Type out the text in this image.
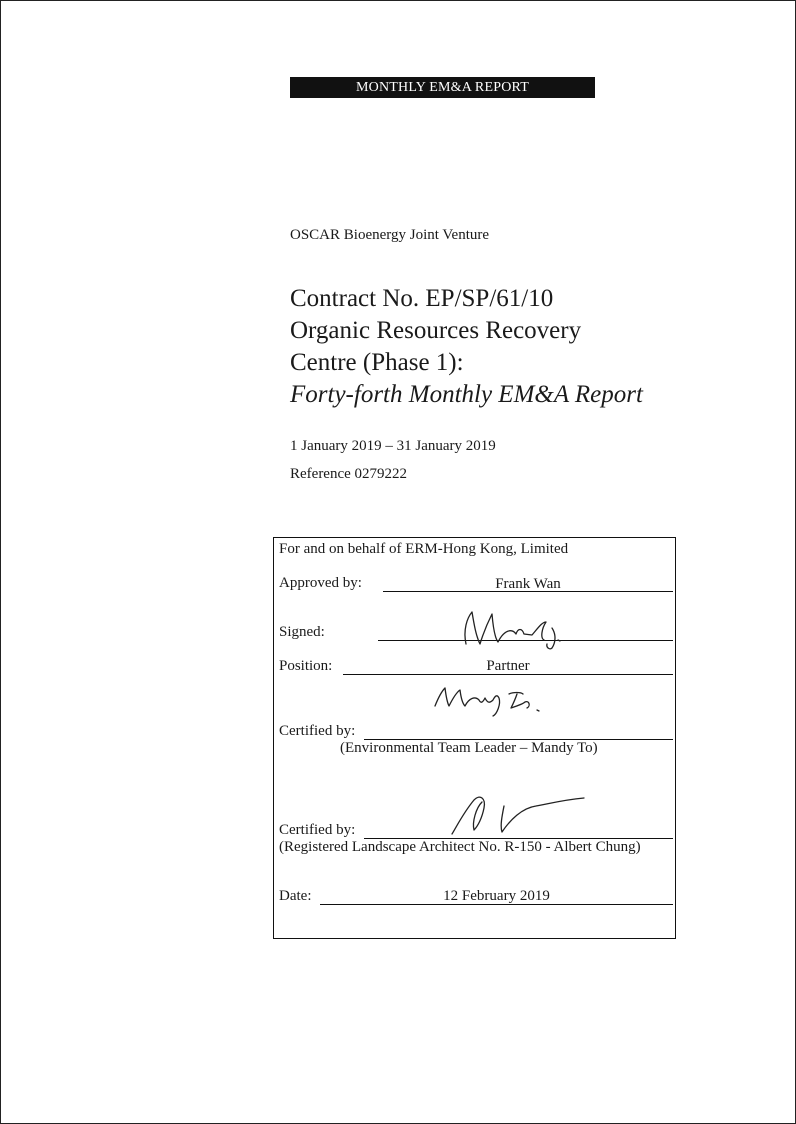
MONTHLY EM&A REPORT
OSCAR Bioenergy Joint Venture
Contract No. EP/SP/61/10
Organic Resources Recovery
Centre (Phase 1):
Forty-forth Monthly EM&A Report
1 January 2019 – 31 January 2019
Reference 0279222
For and on behalf of ERM-Hong Kong, Limited
Approved by:	Frank Wan
Signed:
Position:	Partner
Certified by:
(Environmental Team Leader – Mandy To)
Certified by:
(Registered Landscape Architect No. R-150 - Albert Chung)
Date:	12 February 2019
